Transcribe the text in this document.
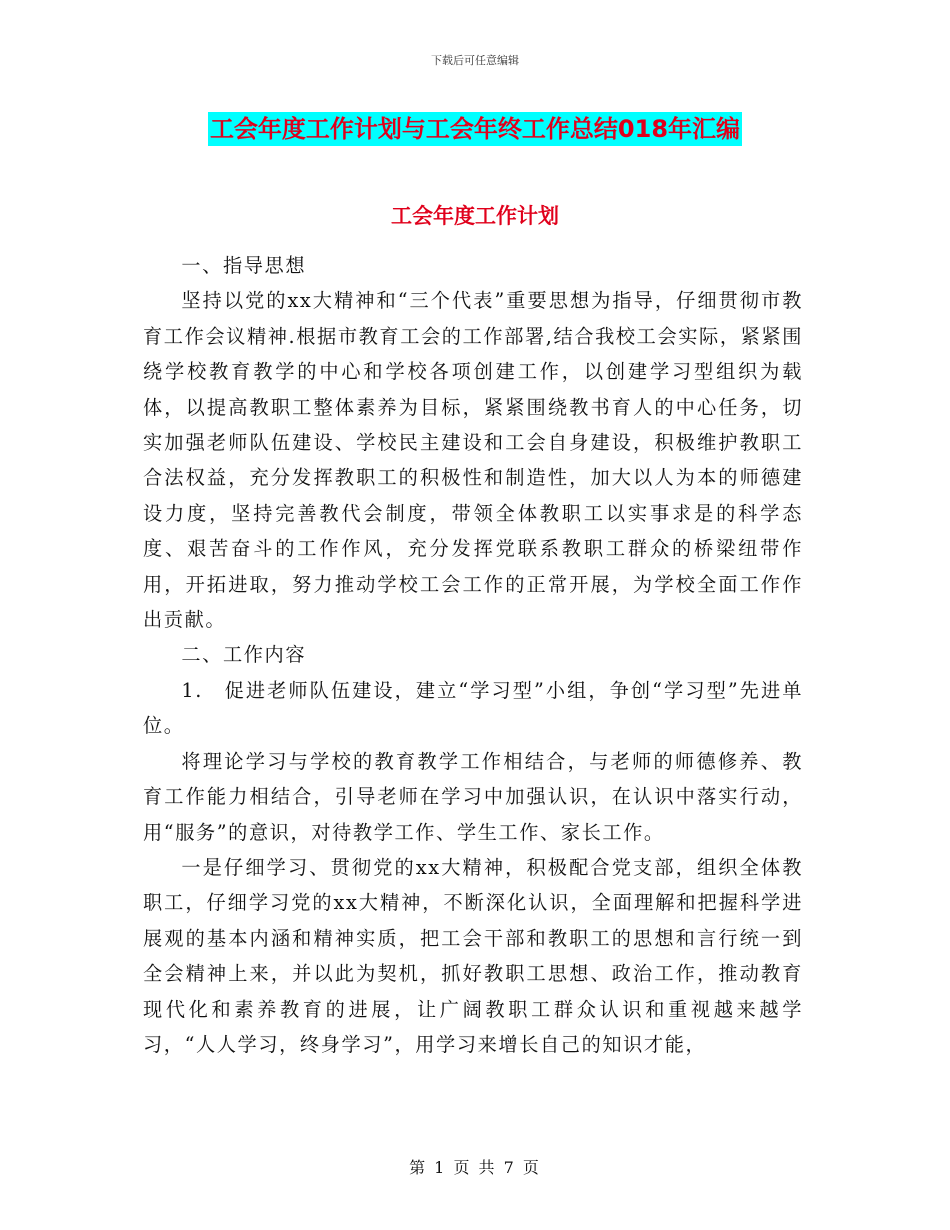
下载后可任意编辑
工会年度工作计划与工会年终工作总结018年汇编
工会年度工作计划

一、指导思想

坚持以党的xx大精神和“三个代表”重要思想为指导，仔细贯彻市教育工作会议精神.根据市教育工会的工作部署,结合我校工会实际，紧紧围绕学校教育教学的中心和学校各项创建工作，以创建学习型组织为载体，以提高教职工整体素养为目标，紧紧围绕教书育人的中心任务，切实加强老师队伍建设、学校民主建设和工会自身建设，积极维护教职工合法权益，充分发挥教职工的积极性和制造性，加大以人为本的师德建设力度，坚持完善教代会制度，带领全体教职工以实事求是的科学态度、艰苦奋斗的工作作风，充分发挥党联系教职工群众的桥梁纽带作用，开拓进取，努力推动学校工会工作的正常开展，为学校全面工作作出贡献。

二、工作内容

1.　促进老师队伍建设，建立“学习型”小组，争创“学习型”先进单位。

将理论学习与学校的教育教学工作相结合，与老师的师德修养、教育工作能力相结合，引导老师在学习中加强认识，在认识中落实行动，用“服务”的意识，对待教学工作、学生工作、家长工作。

一是仔细学习、贯彻党的xx大精神，积极配合党支部，组织全体教职工，仔细学习党的xx大精神，不断深化认识，全面理解和把握科学进展观的基本内涵和精神实质，把工会干部和教职工的思想和言行统一到全会精神上来，并以此为契机，抓好教职工思想、政治工作，推动教育现代化和素养教育的进展，让广阔教职工群众认识和重视越来越学习，“人人学习，终身学习”，用学习来增长自己的知识才能，

第 1 页 共 7 页
